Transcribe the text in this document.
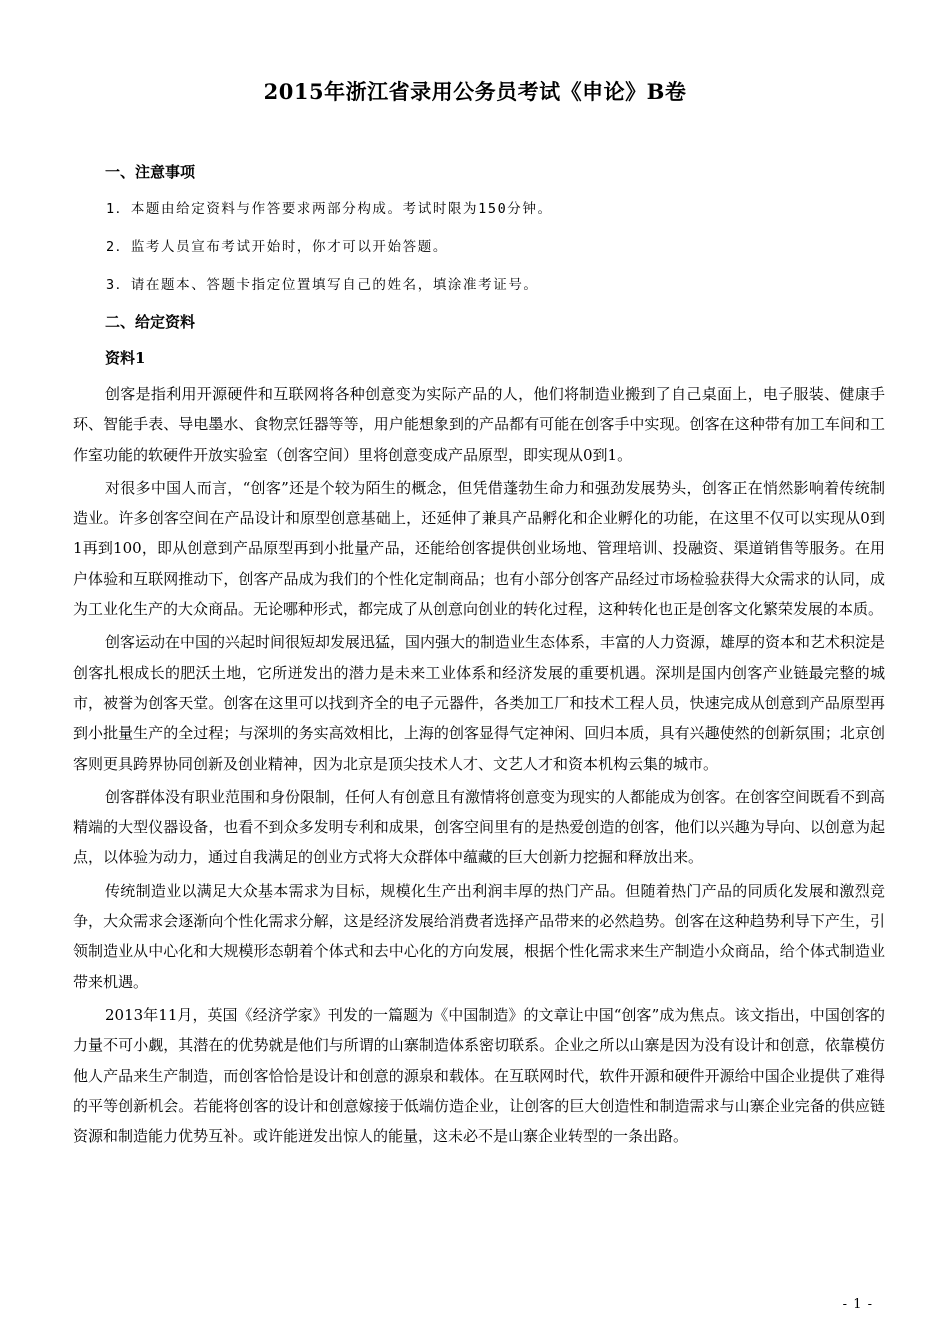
2015年浙江省录用公务员考试《申论》B卷
一、注意事项
1．本题由给定资料与作答要求两部分构成。考试时限为150分钟。
2．监考人员宣布考试开始时，你才可以开始答题。
3．请在题本、答题卡指定位置填写自己的姓名，填涂准考证号。
二、给定资料
资料1

创客是指利用开源硬件和互联网将各种创意变为实际产品的人，他们将制造业搬到了自己桌面上，电子服装、健康手环、智能手表、导电墨水、食物烹饪器等等，用户能想象到的产品都有可能在创客手中实现。创客在这种带有加工车间和工作室功能的软硬件开放实验室（创客空间）里将创意变成产品原型，即实现从0到1。

对很多中国人而言，“创客”还是个较为陌生的概念，但凭借蓬勃生命力和强劲发展势头，创客正在悄然影响着传统制造业。许多创客空间在产品设计和原型创意基础上，还延伸了兼具产品孵化和企业孵化的功能，在这里不仅可以实现从0到1再到100，即从创意到产品原型再到小批量产品，还能给创客提供创业场地、管理培训、投融资、渠道销售等服务。在用户体验和互联网推动下，创客产品成为我们的个性化定制商品；也有小部分创客产品经过市场检验获得大众需求的认同，成为工业化生产的大众商品。无论哪种形式，都完成了从创意向创业的转化过程，这种转化也正是创客文化繁荣发展的本质。

创客运动在中国的兴起时间很短却发展迅猛，国内强大的制造业生态体系，丰富的人力资源，雄厚的资本和艺术积淀是创客扎根成长的肥沃土地，它所迸发出的潜力是未来工业体系和经济发展的重要机遇。深圳是国内创客产业链最完整的城市，被誉为创客天堂。创客在这里可以找到齐全的电子元器件，各类加工厂和技术工程人员，快速完成从创意到产品原型再到小批量生产的全过程；与深圳的务实高效相比，上海的创客显得气定神闲、回归本质，具有兴趣使然的创新氛围；北京创客则更具跨界协同创新及创业精神，因为北京是顶尖技术人才、文艺人才和资本机构云集的城市。

创客群体没有职业范围和身份限制，任何人有创意且有激情将创意变为现实的人都能成为创客。在创客空间既看不到高精端的大型仪器设备，也看不到众多发明专利和成果，创客空间里有的是热爱创造的创客，他们以兴趣为导向、以创意为起点，以体验为动力，通过自我满足的创业方式将大众群体中蕴藏的巨大创新力挖掘和释放出来。

传统制造业以满足大众基本需求为目标，规模化生产出利润丰厚的热门产品。但随着热门产品的同质化发展和激烈竞争，大众需求会逐渐向个性化需求分解，这是经济发展给消费者选择产品带来的必然趋势。创客在这种趋势利导下产生，引领制造业从中心化和大规模形态朝着个体式和去中心化的方向发展，根据个性化需求来生产制造小众商品，给个体式制造业带来机遇。

2013年11月，英国《经济学家》刊发的一篇题为《中国制造》的文章让中国“创客”成为焦点。该文指出，中国创客的力量不可小觑，其潜在的优势就是他们与所谓的山寨制造体系密切联系。企业之所以山寨是因为没有设计和创意，依靠模仿他人产品来生产制造，而创客恰恰是设计和创意的源泉和载体。在互联网时代，软件开源和硬件开源给中国企业提供了难得的平等创新机会。若能将创客的设计和创意嫁接于低端仿造企业，让创客的巨大创造性和制造需求与山寨企业完备的供应链资源和制造能力优势互补。或许能迸发出惊人的能量，这未必不是山寨企业转型的一条出路。

- 1 -
